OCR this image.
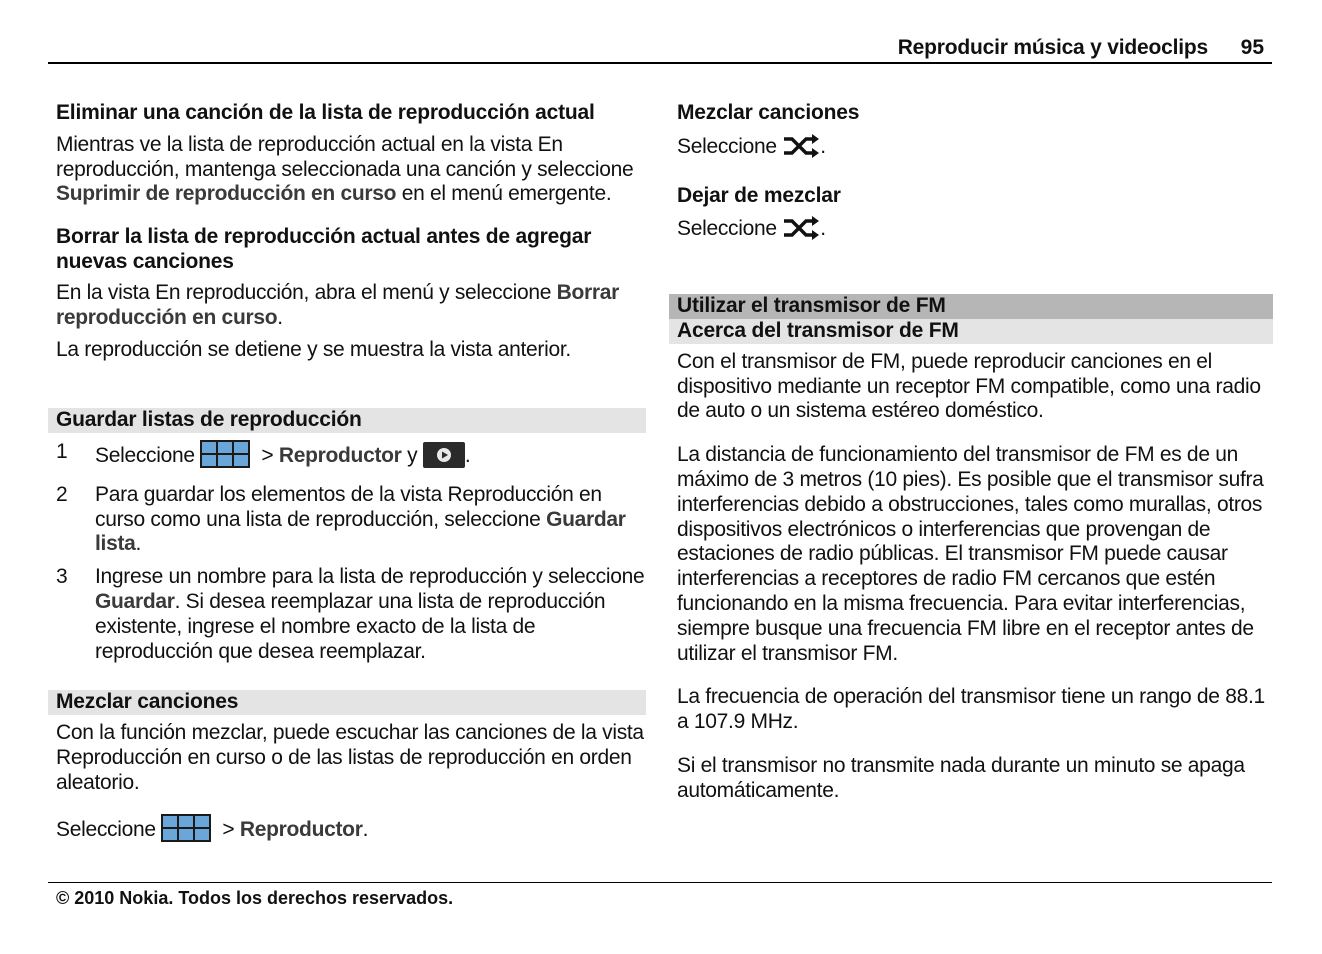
Reproducir música y videoclips 95

Eliminar una canción de la lista de reproducción actual

Mientras ve la lista de reproducción actual en la vista En reproducción, mantenga seleccionada una canción y seleccione Suprimir de reproducción en curso en el menú emergente.

Borrar la lista de reproducción actual antes de agregar nuevas canciones

En la vista En reproducción, abra el menú y seleccione Borrar reproducción en curso.

La reproducción se detiene y se muestra la vista anterior.

Guardar listas de reproducción

1 Seleccione   > Reproductor y .
2 Para guardar los elementos de la vista Reproducción en curso como una lista de reproducción, seleccione Guardar lista.
3 Ingrese un nombre para la lista de reproducción y seleccione Guardar. Si desea reemplazar una lista de reproducción existente, ingrese el nombre exacto de la lista de reproducción que desea reemplazar.

Mezclar canciones

Con la función mezclar, puede escuchar las canciones de la vista Reproducción en curso o de las listas de reproducción en orden aleatorio.

Seleccione	> Reproductor.

Mezclar canciones

Seleccione .

Dejar de mezclar

Seleccione .

Utilizar el transmisor de FM

Acerca del transmisor de FM

Con el transmisor de FM, puede reproducir canciones en el dispositivo mediante un receptor FM compatible, como una radio de auto o un sistema estéreo doméstico.

La distancia de funcionamiento del transmisor de FM es de un máximo de 3 metros (10 pies). Es posible que el transmisor sufra interferencias debido a obstrucciones, tales como murallas, otros dispositivos electrónicos o interferencias que provengan de estaciones de radio públicas. El transmisor FM puede causar interferencias a receptores de radio FM cercanos que estén funcionando en la misma frecuencia. Para evitar interferencias, siempre busque una frecuencia FM libre en el receptor antes de utilizar el transmisor FM.

La frecuencia de operación del transmisor tiene un rango de 88.1 a 107.9 MHz.

Si el transmisor no transmite nada durante un minuto se apaga automáticamente.

© 2010 Nokia. Todos los derechos reservados.
